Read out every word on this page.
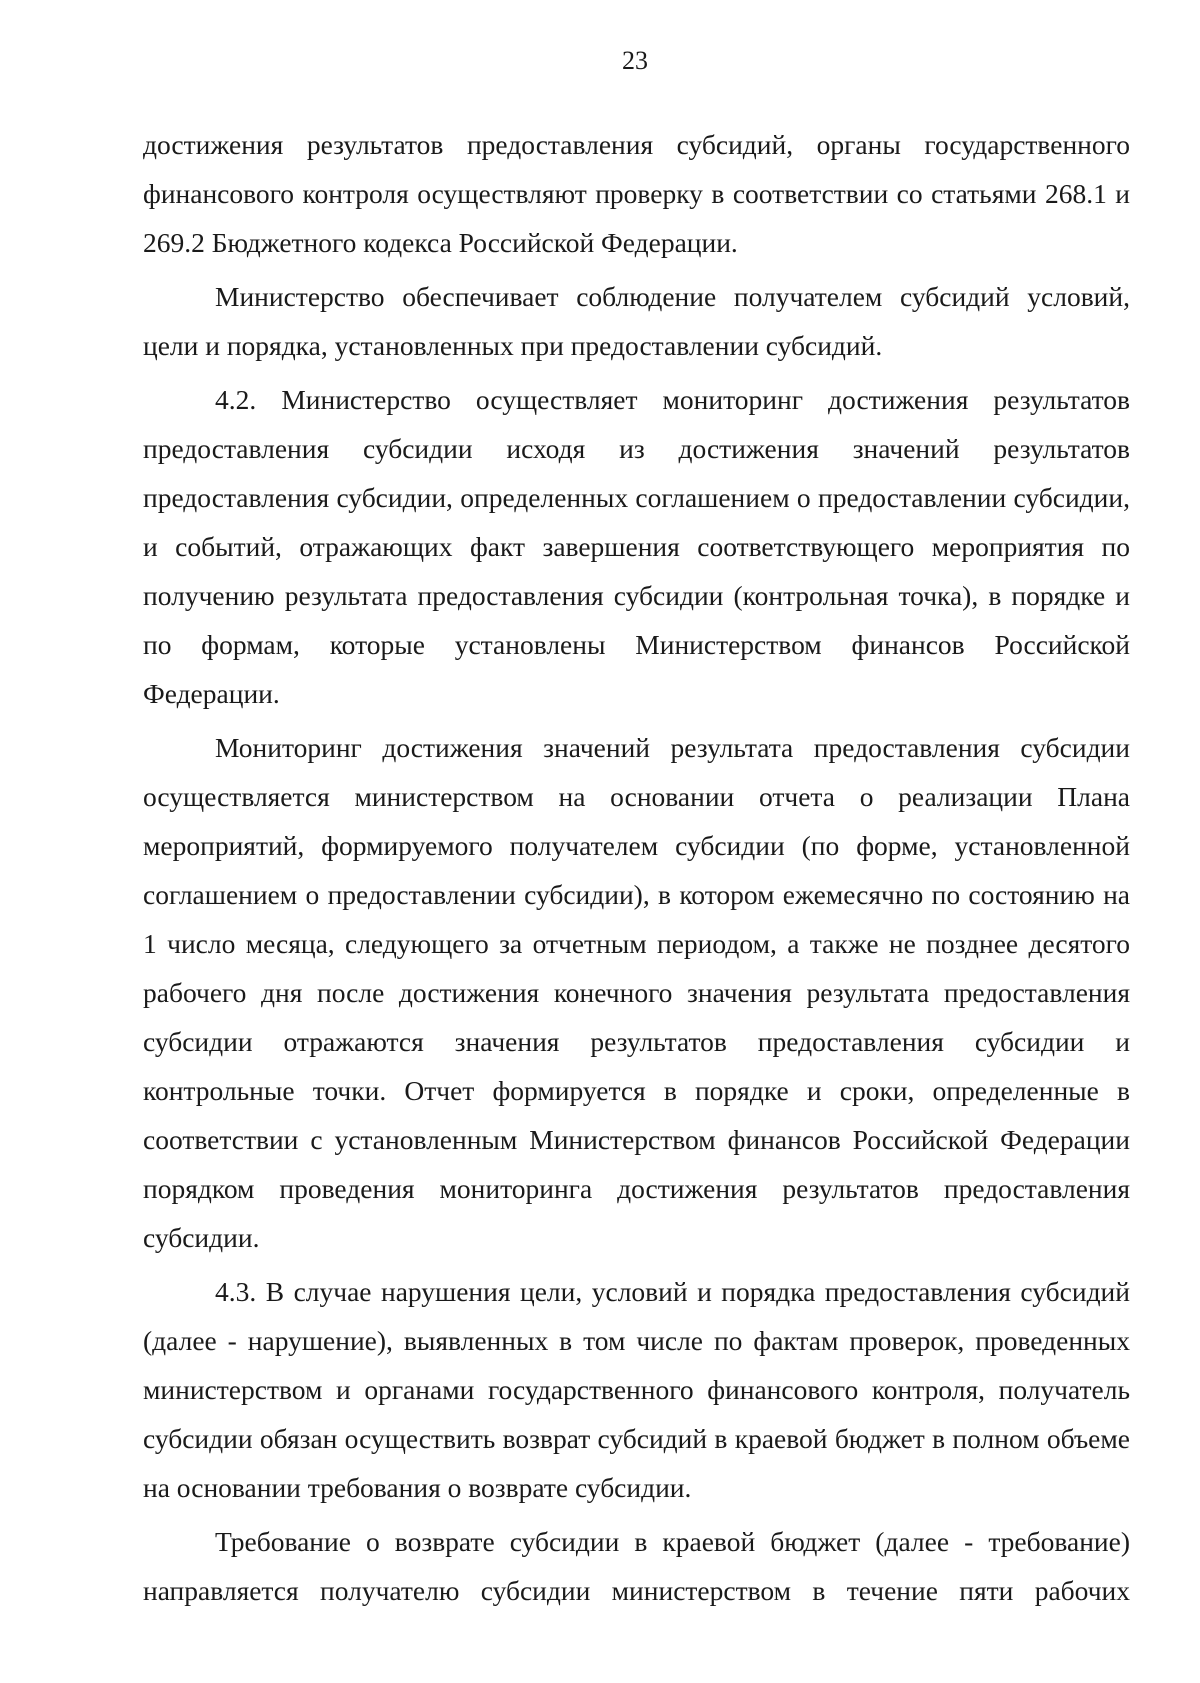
23

достижения результатов предоставления субсидий, органы государственного финансового контроля осуществляют проверку в соответствии со статьями 268.1 и 269.2 Бюджетного кодекса Российской Федерации.

Министерство обеспечивает соблюдение получателем субсидий условий, цели и порядка, установленных при предоставлении субсидий.

4.2. Министерство осуществляет мониторинг достижения результатов предоставления субсидии исходя из достижения значений результатов предоставления субсидии, определенных соглашением о предоставлении субсидии, и событий, отражающих факт завершения соответствующего мероприятия по получению результата предоставления субсидии (контрольная точка), в порядке и по формам, которые установлены Министерством финансов Российской Федерации.

Мониторинг достижения значений результата предоставления субсидии осуществляется министерством на основании отчета о реализации Плана мероприятий, формируемого получателем субсидии (по форме, установленной соглашением о предоставлении субсидии), в котором ежемесячно по состоянию на 1 число месяца, следующего за отчетным периодом, а также не позднее десятого рабочего дня после достижения конечного значения результата предоставления субсидии отражаются значения результатов предоставления субсидии и контрольные точки. Отчет формируется в порядке и сроки, определенные в соответствии с установленным Министерством финансов Российской Федерации порядком проведения мониторинга достижения результатов предоставления субсидии.

4.3. В случае нарушения цели, условий и порядка предоставления субсидий (далее - нарушение), выявленных в том числе по фактам проверок, проведенных министерством и органами государственного финансового контроля, получатель субсидии обязан осуществить возврат субсидий в краевой бюджет в полном объеме на основании требования о возврате субсидии.

Требование о возврате субсидии в краевой бюджет (далее - требование) направляется получателю субсидии министерством в течение пяти рабочих
